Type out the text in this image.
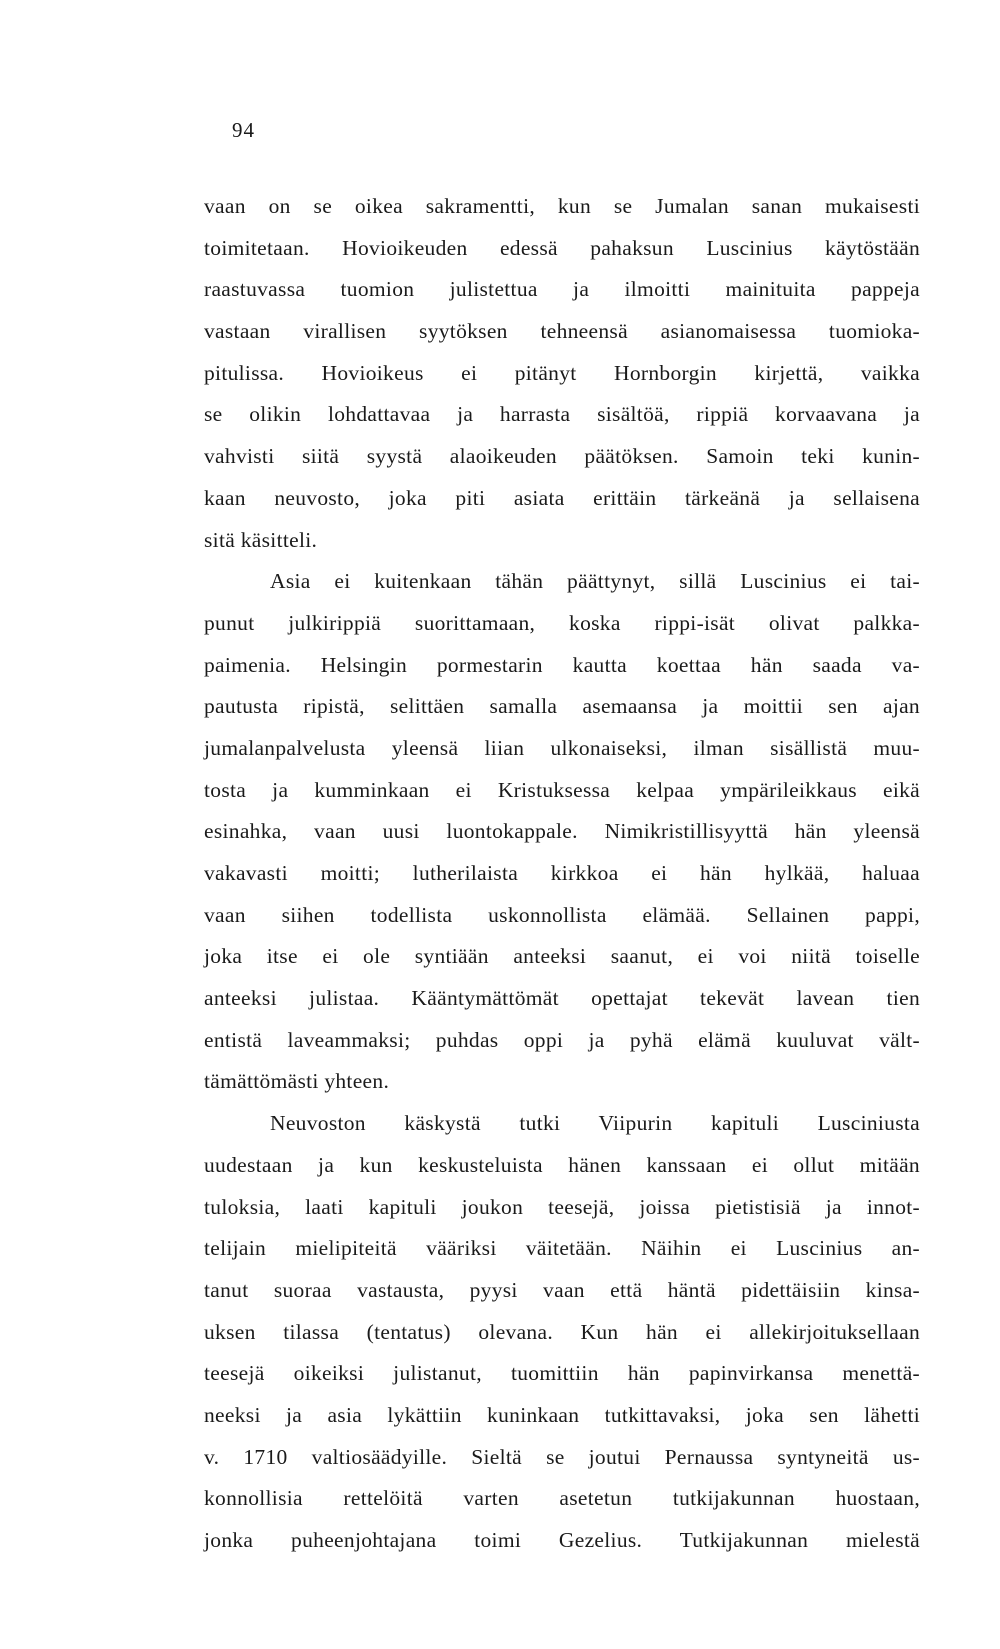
94
vaan on se oikea sakramentti, kun se Jumalan sanan mukaisesti
toimitetaan. Hovioikeuden edessä pahaksun Luscinius käytöstään
raastuvassa tuomion julistettua ja ilmoitti mainituita pappeja
vastaan virallisen syytöksen tehneensä asianomaisessa tuomioka-
pitulissa. Hovioikeus ei pitänyt Hornborgin kirjettä, vaikka
se olikin lohdattavaa ja harrasta sisältöä, rippiä korvaavana ja
vahvisti siitä syystä alaoikeuden päätöksen. Samoin teki kunin-
kaan neuvosto, joka piti asiata erittäin tärkeänä ja sellaisena
sitä käsitteli.
Asia ei kuitenkaan tähän päättynyt, sillä Luscinius ei tai-
punut julkirippiä suorittamaan, koska rippi-isät olivat palkka-
paimenia. Helsingin pormestarin kautta koettaa hän saada va-
pautusta ripistä, selittäen samalla asemaansa ja moittii sen ajan
jumalanpalvelusta yleensä liian ulkonaiseksi, ilman sisällistä muu-
tosta ja kumminkaan ei Kristuksessa kelpaa ympärileikkaus eikä
esinahka, vaan uusi luontokappale. Nimikristillisyyttä hän yleensä
vakavasti moitti; lutherilaista kirkkoa ei hän hylkää, haluaa
vaan siihen todellista uskonnollista elämää. Sellainen pappi,
joka itse ei ole syntiään anteeksi saanut, ei voi niitä toiselle
anteeksi julistaa. Kääntymättömät opettajat tekevät lavean tien
entistä laveammaksi; puhdas oppi ja pyhä elämä kuuluvat vält-
tämättömästi yhteen.
Neuvoston käskystä tutki Viipurin kapituli Lusciniusta
uudestaan ja kun keskusteluista hänen kanssaan ei ollut mitään
tuloksia, laati kapituli joukon teesejä, joissa pietistisiä ja innot-
telijain mielipiteitä vääriksi väitetään. Näihin ei Luscinius an-
tanut suoraa vastausta, pyysi vaan että häntä pidettäisiin kinsa-
uksen tilassa (tentatus) olevana. Kun hän ei allekirjoituksellaan
teesejä oikeiksi julistanut, tuomittiin hän papinvirkansa menettä-
neeksi ja asia lykättiin kuninkaan tutkittavaksi, joka sen lähetti
v. 1710 valtiosäädyille. Sieltä se joutui Pernaussa syntyneitä us-
konnollisia rettelöitä varten asetetun tutkijakunnan huostaan,
jonka puheenjohtajana toimi Gezelius. Tutkijakunnan mielestä
